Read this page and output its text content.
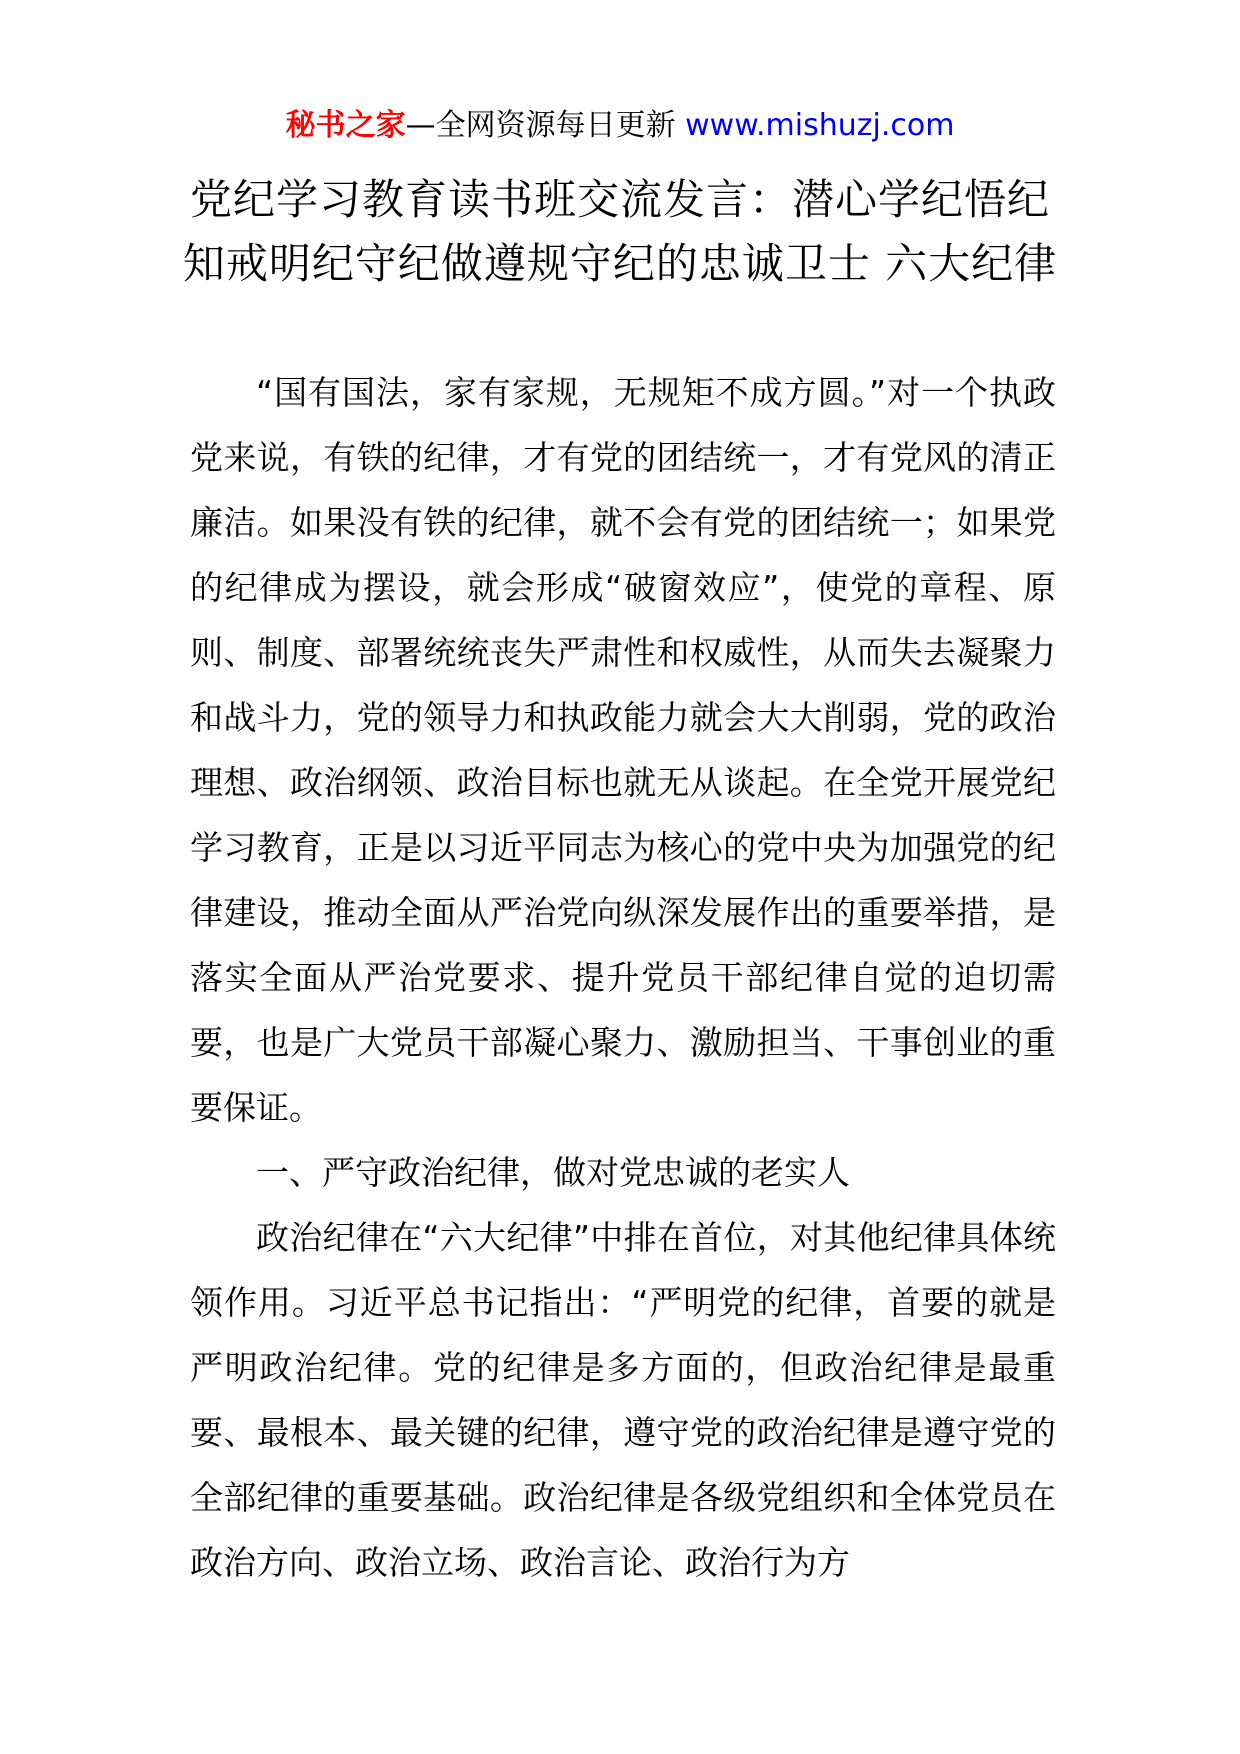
秘书之家—全网资源每日更新 www.mishuzj.com
党纪学习教育读书班交流发言：潜心学纪悟纪
知戒明纪守纪做遵规守纪的忠诚卫士 六大纪律

“国有国法，家有家规，无规矩不成方圆。”对一个执政党来说，有铁的纪律，才有党的团结统一，才有党风的清正廉洁。如果没有铁的纪律，就不会有党的团结统一；如果党的纪律成为摆设，就会形成“破窗效应”，使党的章程、原则、制度、部署统统丧失严肃性和权威性，从而失去凝聚力和战斗力，党的领导力和执政能力就会大大削弱，党的政治理想、政治纲领、政治目标也就无从谈起。在全党开展党纪学习教育，正是以习近平同志为核心的党中央为加强党的纪律建设，推动全面从严治党向纵深发展作出的重要举措，是落实全面从严治党要求、提升党员干部纪律自觉的迫切需要，也是广大党员干部凝心聚力、激励担当、干事创业的重要保证。

一、严守政治纪律，做对党忠诚的老实人

政治纪律在“六大纪律”中排在首位，对其他纪律具体统领作用。习近平总书记指出：“严明党的纪律，首要的就是严明政治纪律。党的纪律是多方面的，但政治纪律是最重要、最根本、最关键的纪律，遵守党的政治纪律是遵守党的全部纪律的重要基础。政治纪律是各级党组织和全体党员在政治方向、政治立场、政治言论、政治行为方
